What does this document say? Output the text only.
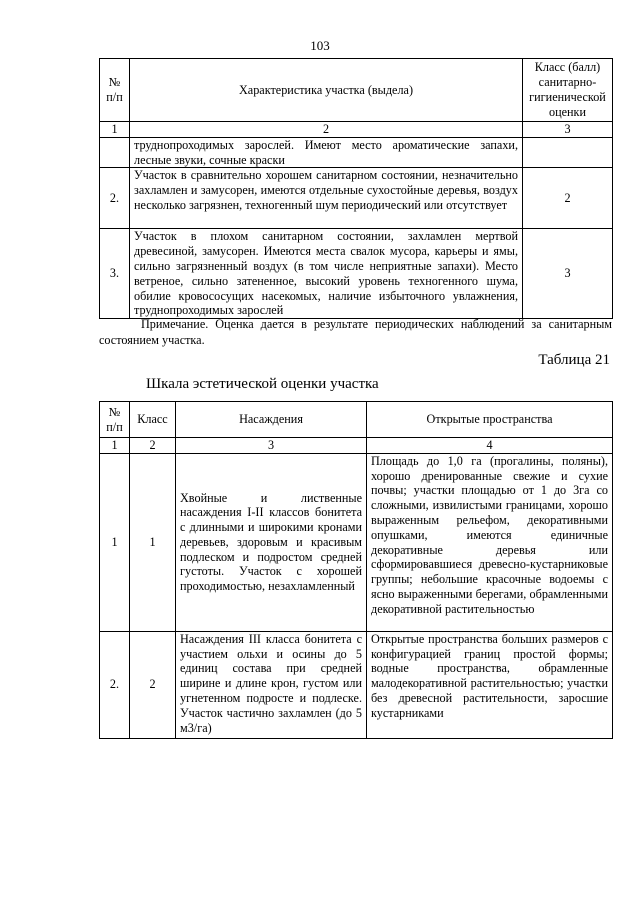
103
№ п/п	Характеристика участка (выдела)	Класс (балл) санитарно-гигиенической оценки
1	2	3
	труднопроходимых зарослей. Имеют место ароматические запахи, лесные звуки, сочные краски	
2.	Участок в сравнительно хорошем санитарном состоянии, незначительно захламлен и замусорен, имеются отдельные сухостойные деревья, воздух несколько загрязнен, техногенный шум периодический или отсутствует	2
3.	Участок в плохом санитарном состоянии, захламлен мертвой древесиной, замусорен. Имеются места свалок мусора, карьеры и ямы, сильно загрязненный воздух (в том числе неприятные запахи). Место ветреное, сильно затененное, высокий уровень техногенного шума, обилие кровососущих насекомых, наличие избыточного увлажнения, труднопроходимых зарослей	3
Примечание. Оценка дается в результате периодических наблюдений за санитарным состоянием участка.
Таблица 21
Шкала эстетической оценки участка
№ п/п	Класс	Насаждения	Открытые пространства
1	2	3	4
1	1	Хвойные и лиственные насаждения I-II классов бонитета с длинными и широкими кронами деревьев, здоровым и красивым подлеском и подростом средней густоты. Участок с хорошей проходимостью, незахламленный	Площадь до 1,0 га (прогалины, поляны), хорошо дренированные свежие и сухие почвы; участки площадью от 1 до 3га со сложными, извилистыми границами, хорошо выраженным рельефом, декоративными опушками, имеются единичные декоративные деревья или сформировавшиеся древесно-кустарниковые группы; небольшие красочные водоемы с ясно выраженными берегами, обрамленными декоративной растительностью
2.	2	Насаждения III класса бонитета с участием ольхи и осины до 5 единиц состава при средней ширине и длине крон, густом или угнетенном подросте и подлеске. Участок частично захламлен (до 5 м3/га)	Открытые пространства больших размеров с конфигурацией границ простой формы; водные пространства, обрамленные малодекоративной растительностью; участки без древесной растительности, заросшие кустарниками
